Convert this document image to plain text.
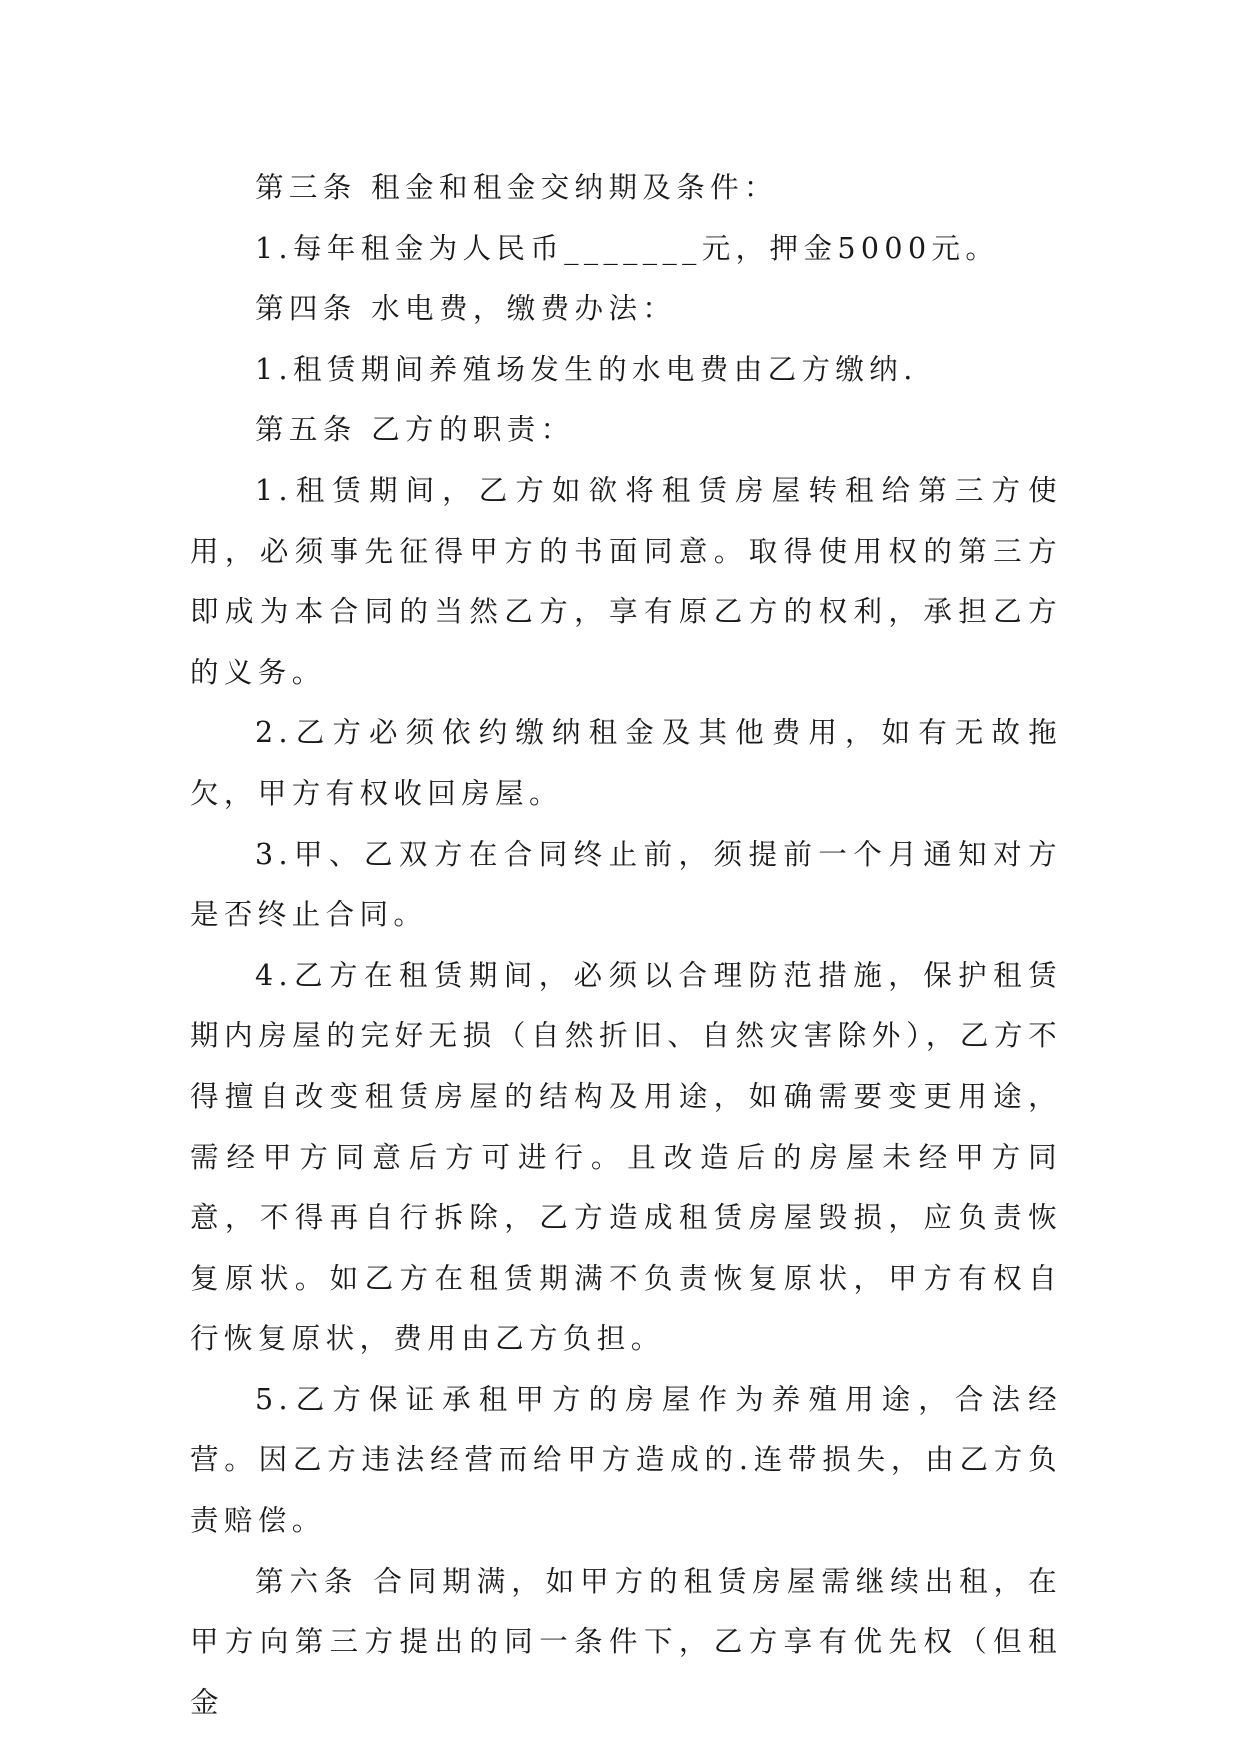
第三条 租金和租金交纳期及条件：

1.每年租金为人民币_______元，押金5000元。

第四条 水电费，缴费办法：

1.租赁期间养殖场发生的水电费由乙方缴纳.

第五条 乙方的职责：

1.租赁期间，乙方如欲将租赁房屋转租给第三方使用，必须事先征得甲方的书面同意。取得使用权的第三方即成为本合同的当然乙方，享有原乙方的权利，承担乙方的义务。

2.乙方必须依约缴纳租金及其他费用，如有无故拖欠，甲方有权收回房屋。

3.甲、乙双方在合同终止前，须提前一个月通知对方是否终止合同。

4.乙方在租赁期间，必须以合理防范措施，保护租赁期内房屋的完好无损（自然折旧、自然灾害除外），乙方不得擅自改变租赁房屋的结构及用途，如确需要变更用途，需经甲方同意后方可进行。且改造后的房屋未经甲方同意，不得再自行拆除，乙方造成租赁房屋毁损，应负责恢复原状。如乙方在租赁期满不负责恢复原状，甲方有权自行恢复原状，费用由乙方负担。

5.乙方保证承租甲方的房屋作为养殖用途，合法经营。因乙方违法经营而给甲方造成的.连带损失，由乙方负责赔偿。

第六条 合同期满，如甲方的租赁房屋需继续出租，在甲方向第三方提出的同一条件下，乙方享有优先权（但租金
